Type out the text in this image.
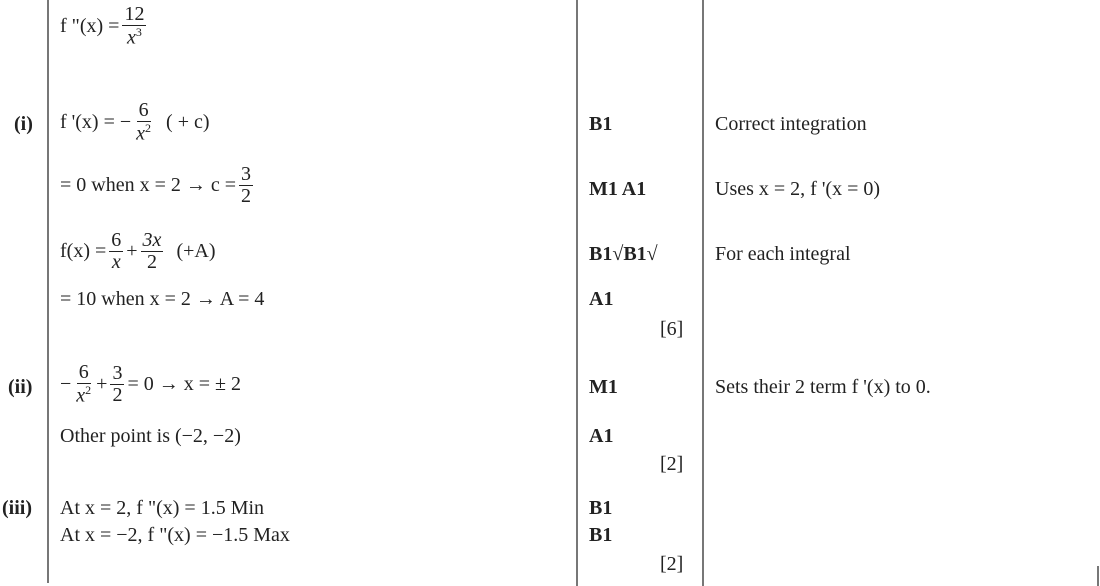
(i)
(ii)
(iii)
f "$(x) = \frac{12}{x^3}$
f '(x) = − $\frac{6}{x^2}$ ( + c)
= 0 when $x = 2 \to c = \frac{3}{2}$
$f(x) = \frac{6}{x} + \frac{3x}{2} (+A)$
= 10 when x = 2 → A = 4
− $\frac{6}{x^2} + \frac{3}{2} = 0 \to x$ = ± 2
Other point is (−2, −2)
At x = 2, f "(x) = 1.5 Min
At x = −2, f "(x) = −1.5 Max
B1
M1 A1
B1√B1√
A1
[6]
M1
A1
[2]
B1
B1
[2]
Correct integration
Uses x = 2, f '(x = 0)
For each integral
Sets their 2 term f '(x) to 0.
